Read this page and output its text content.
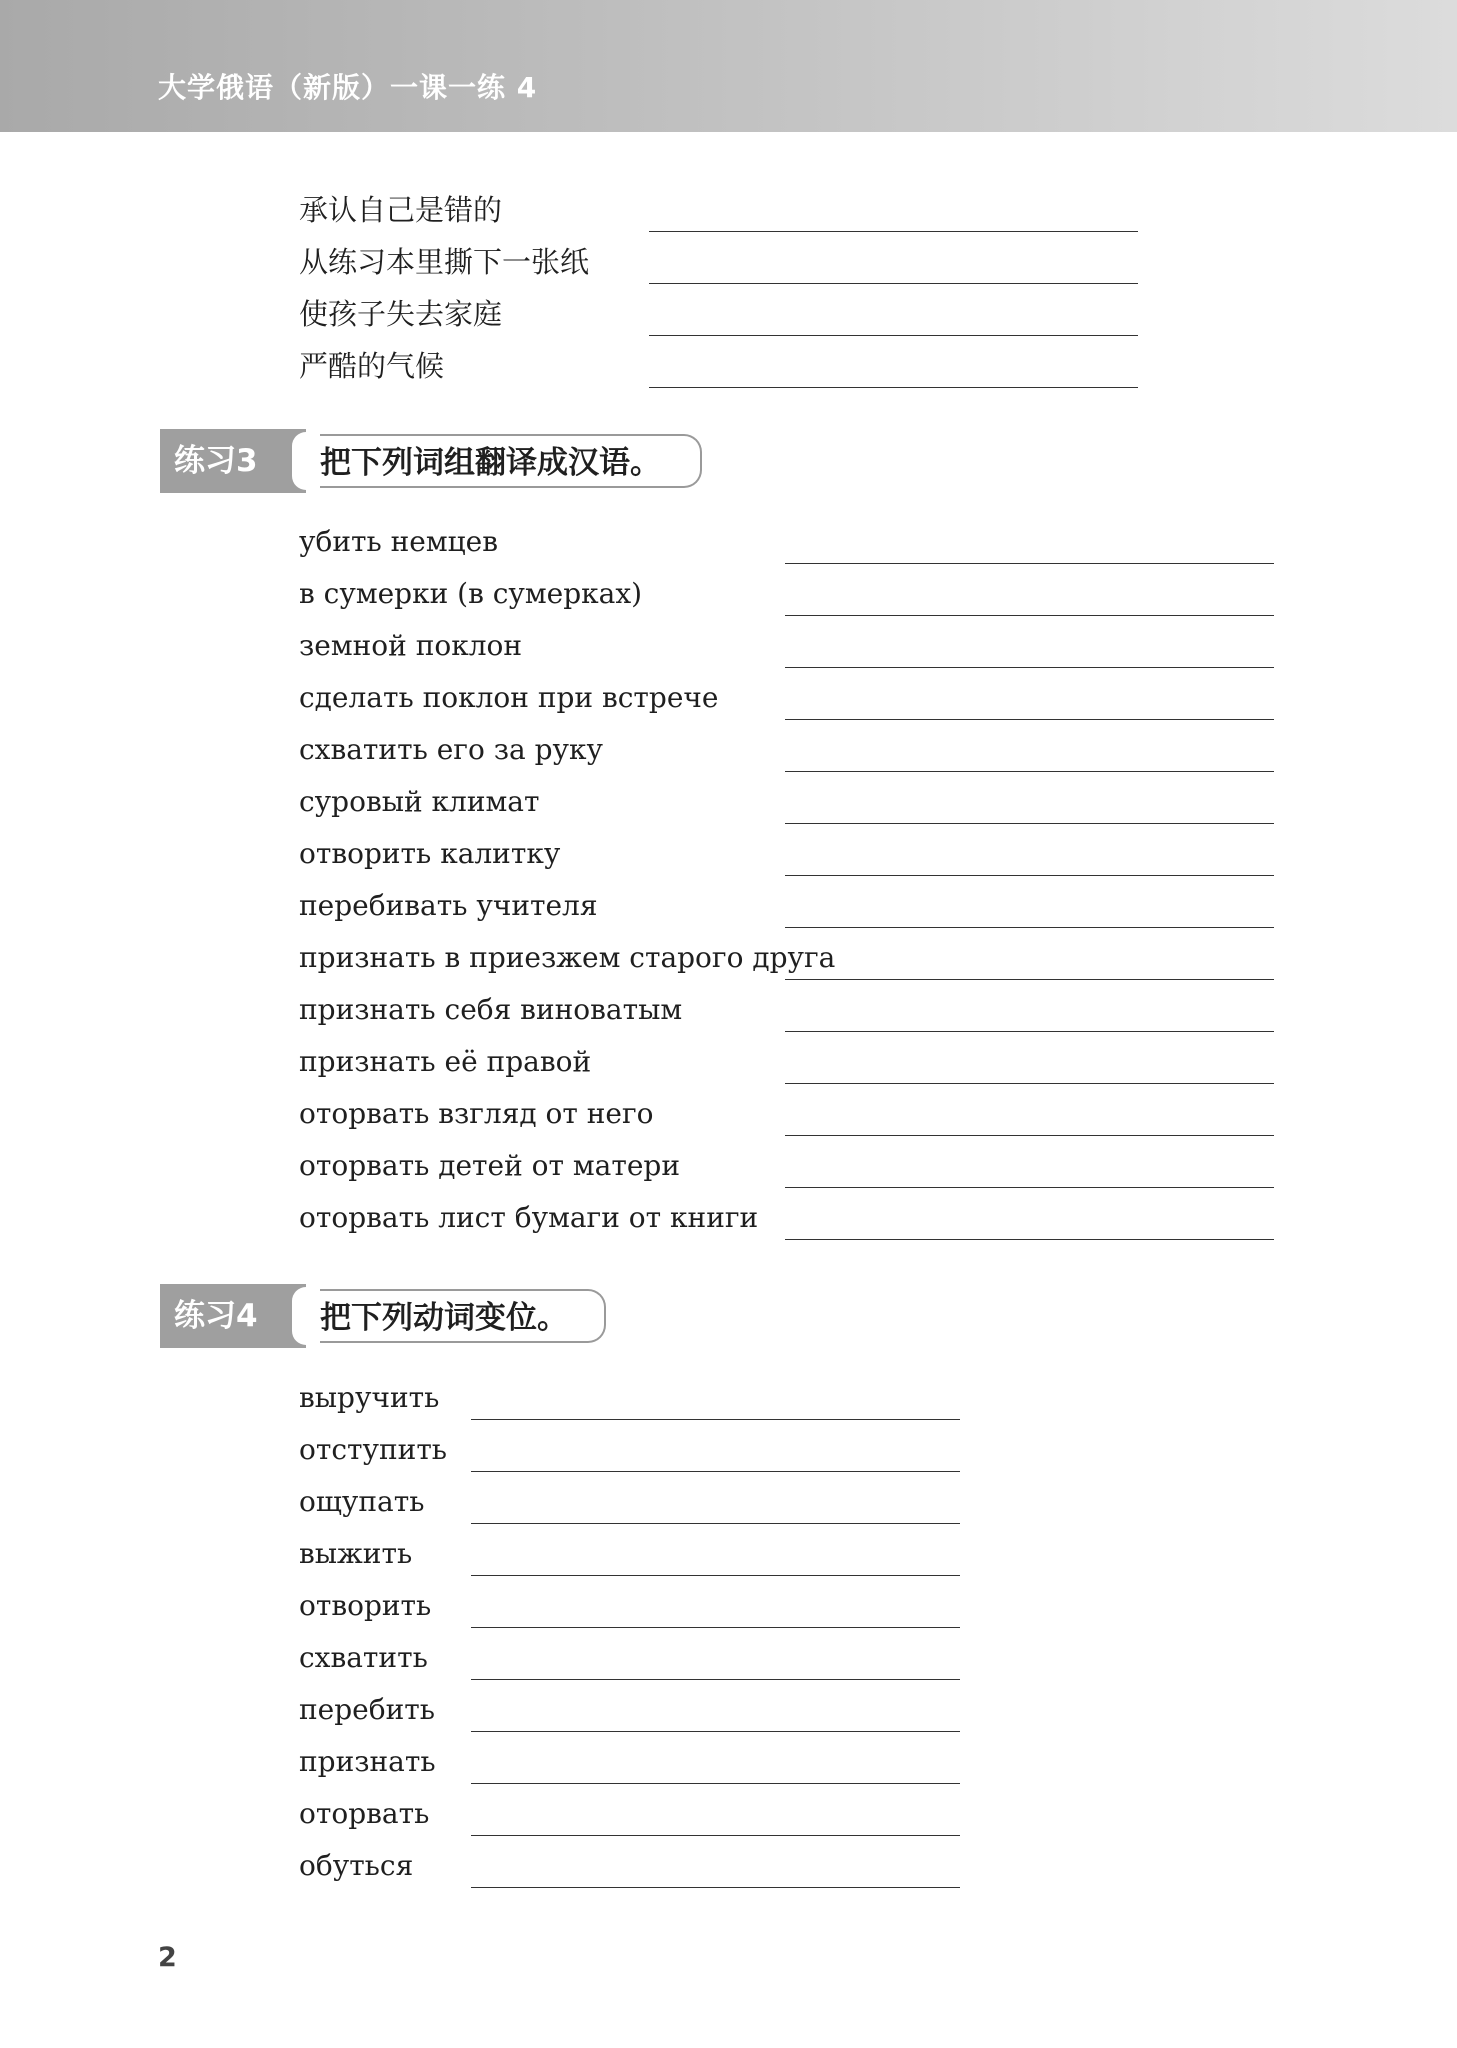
大学俄语（新版）一课一练 4
承认自己是错的
从练习本里撕下一张纸
使孩子失去家庭
严酷的气候
把下列词组翻译成汉语。
练习3
убить немцев
в сумерки (в сумерках)
земной поклон
сделать поклон при встрече
схватить его за руку
суровый климат
отворить калитку
перебивать учителя
признать в приезжем старого друга
признать себя виноватым
признать её правой
оторвать взгляд от него
оторвать детей от матери
оторвать лист бумаги от книги
把下列动词变位。
练习4
выручить
отступить
ощупать
выжить
отворить
схватить
перебить
признать
оторвать
обуться
2
